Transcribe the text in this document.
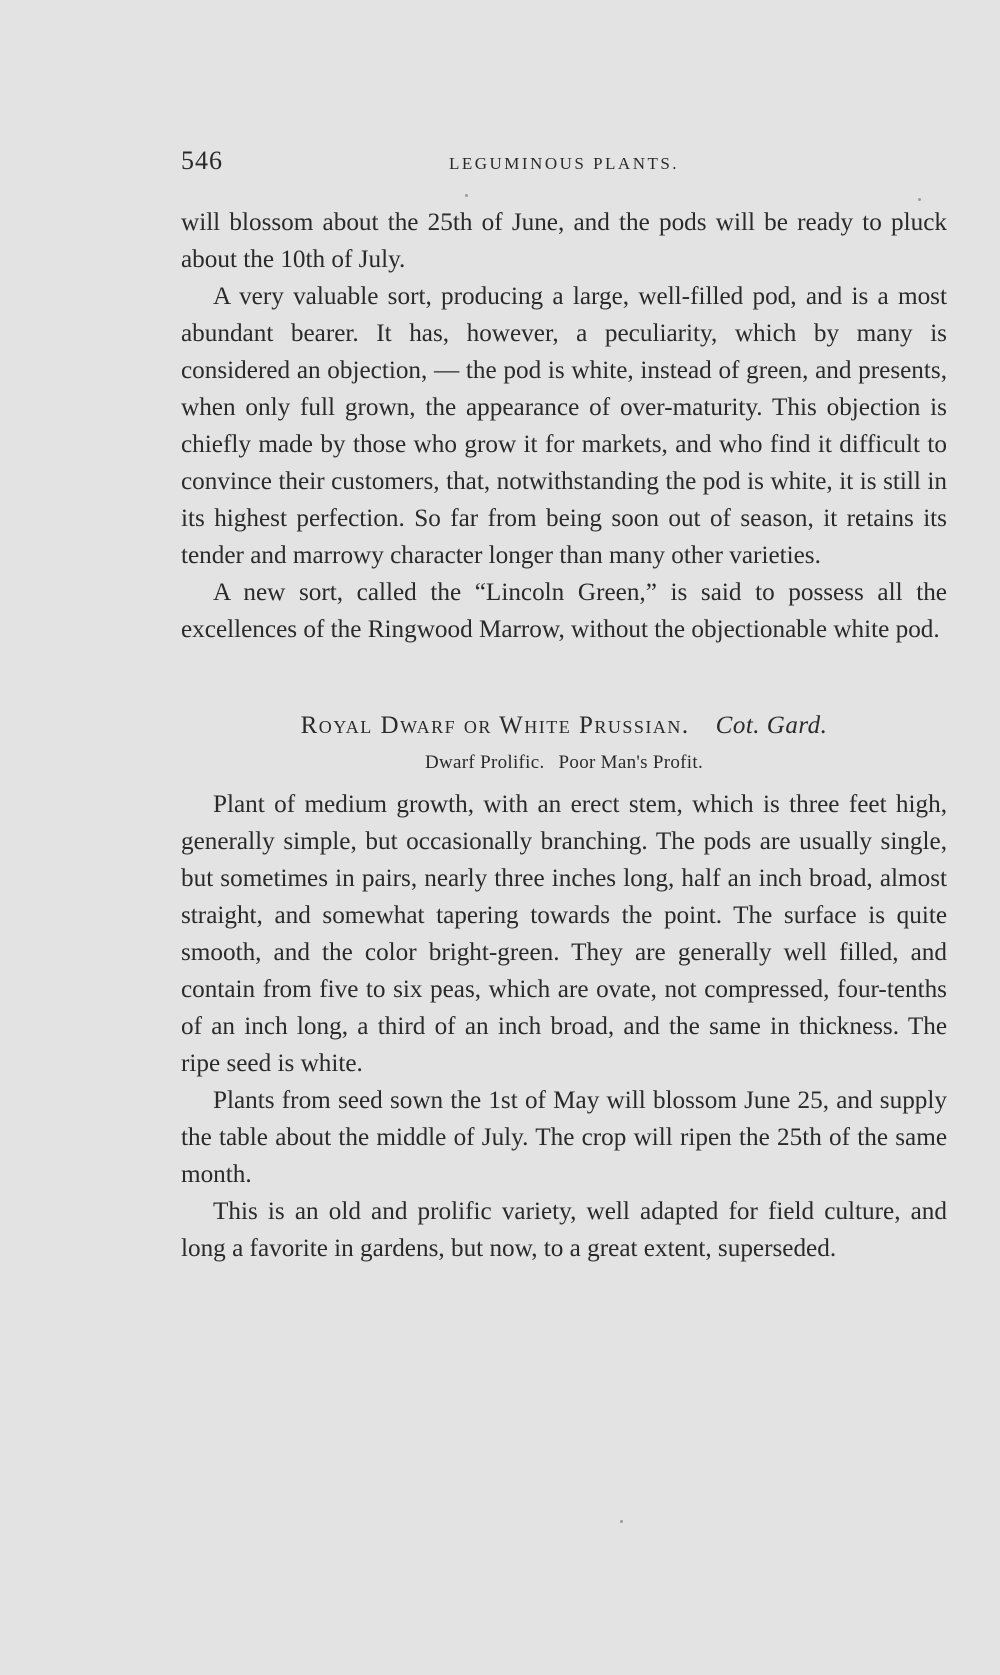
546	LEGUMINOUS PLANTS.

will blossom about the 25th of June, and the pods will be ready to pluck about the 10th of July.

A very valuable sort, producing a large, well-filled pod, and is a most abundant bearer. It has, however, a peculiarity, which by many is considered an objection, — the pod is white, instead of green, and presents, when only full grown, the appearance of over-maturity. This objection is chiefly made by those who grow it for markets, and who find it difficult to convince their customers, that, notwithstanding the pod is white, it is still in its highest perfection. So far from being soon out of season, it retains its tender and marrowy character longer than many other varieties.

A new sort, called the “Lincoln Green,” is said to possess all the excellences of the Ringwood Marrow, without the objectionable white pod.

Royal Dwarf or White Prussian. Cot. Gard.

Dwarf Prolific. Poor Man's Profit.

Plant of medium growth, with an erect stem, which is three feet high, generally simple, but occasionally branching. The pods are usually single, but sometimes in pairs, nearly three inches long, half an inch broad, almost straight, and somewhat tapering towards the point. The surface is quite smooth, and the color bright-green. They are generally well filled, and contain from five to six peas, which are ovate, not compressed, four-tenths of an inch long, a third of an inch broad, and the same in thickness. The ripe seed is white.

Plants from seed sown the 1st of May will blossom June 25, and supply the table about the middle of July. The crop will ripen the 25th of the same month.

This is an old and prolific variety, well adapted for field culture, and long a favorite in gardens, but now, to a great extent, superseded.
